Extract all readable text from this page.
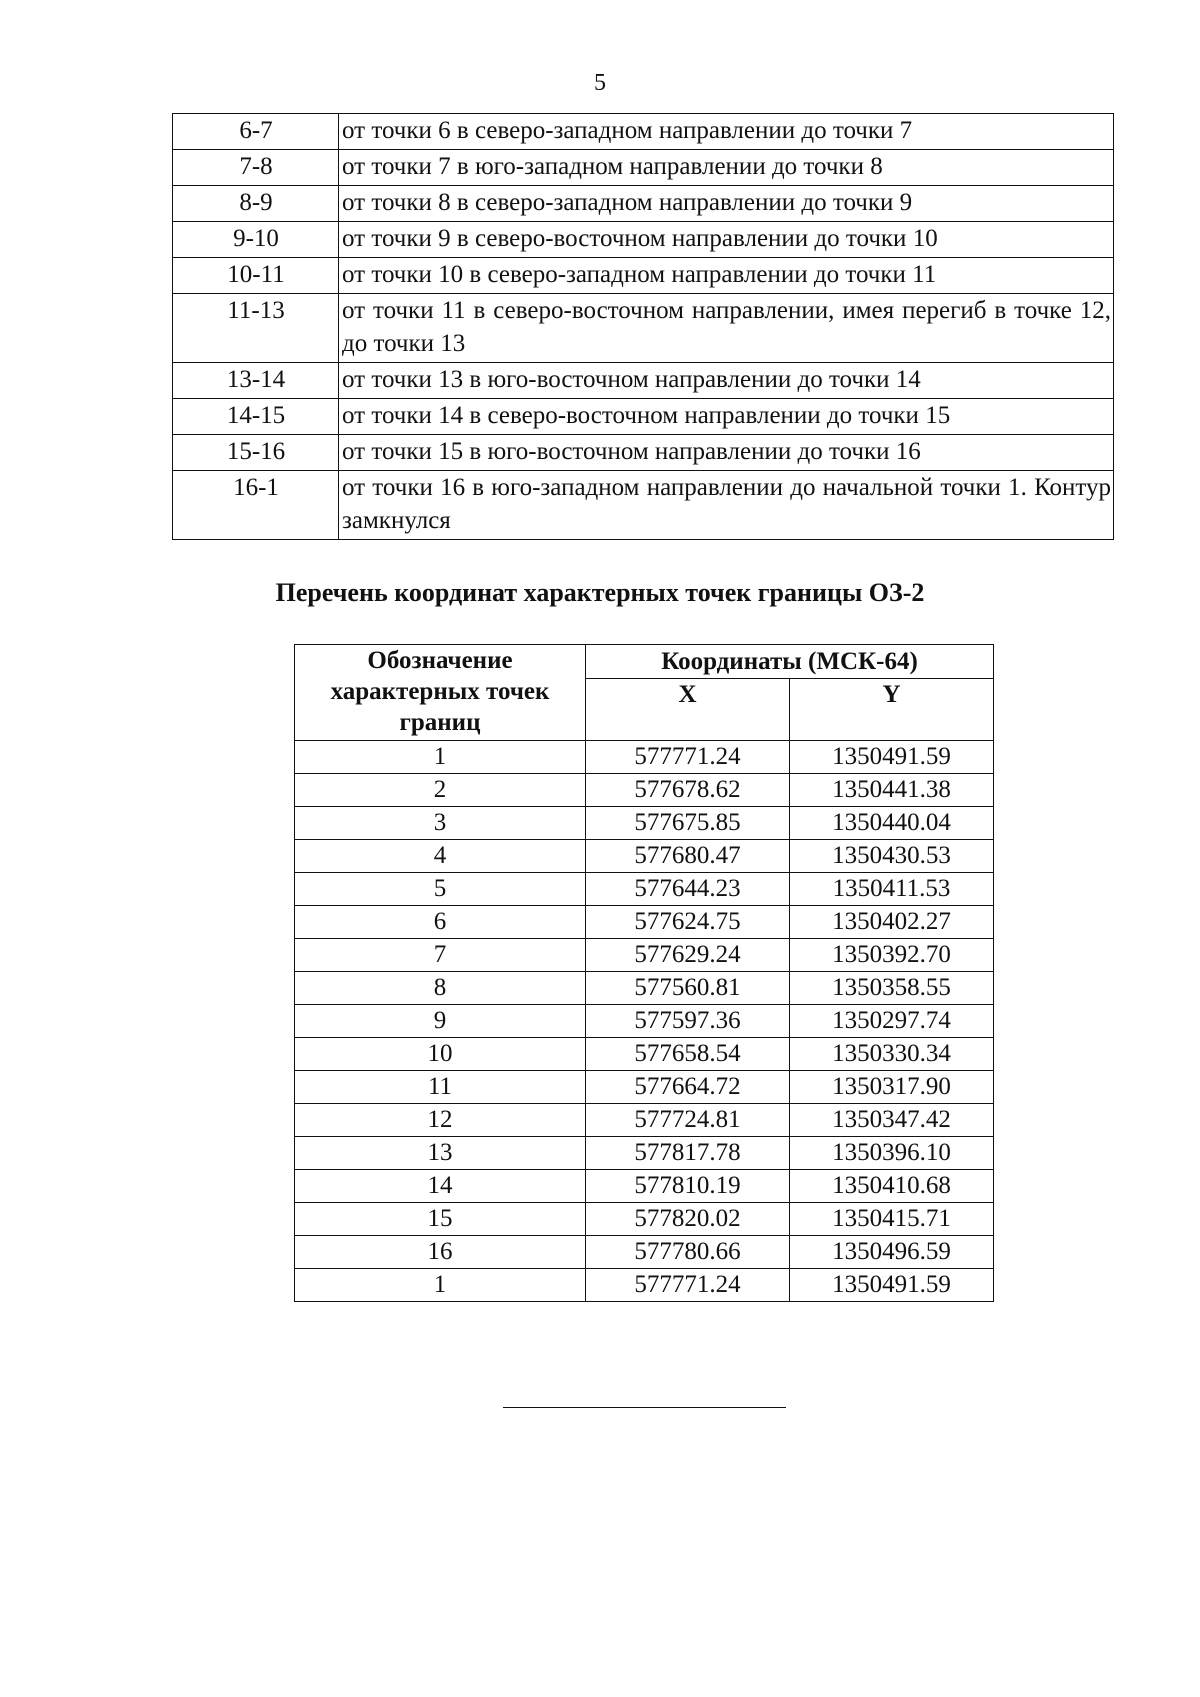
5
6-7	от точки 6 в северо-западном направлении до точки 7
7-8	от точки 7 в юго-западном направлении до точки 8
8-9	от точки 8 в северо-западном направлении до точки 9
9-10	от точки 9 в северо-восточном направлении до точки 10
10-11	от точки 10 в северо-западном направлении до точки 11
11-13	от точки 11 в северо-восточном направлении, имея перегиб в точке 12, до точки 13
13-14	от точки 13 в юго-восточном направлении до точки 14
14-15	от точки 14 в северо-восточном направлении до точки 15
15-16	от точки 15 в юго-восточном направлении до точки 16
16-1	от точки 16 в юго-западном направлении до начальной точки 1. Контур замкнулся
Перечень координат характерных точек границы ОЗ-2
Обозначение характерных точек границ	Координаты (МСК-64)	
	X	Y
1	577771.24	1350491.59
2	577678.62	1350441.38
3	577675.85	1350440.04
4	577680.47	1350430.53
5	577644.23	1350411.53
6	577624.75	1350402.27
7	577629.24	1350392.70
8	577560.81	1350358.55
9	577597.36	1350297.74
10	577658.54	1350330.34
11	577664.72	1350317.90
12	577724.81	1350347.42
13	577817.78	1350396.10
14	577810.19	1350410.68
15	577820.02	1350415.71
16	577780.66	1350496.59
1	577771.24	1350491.59
